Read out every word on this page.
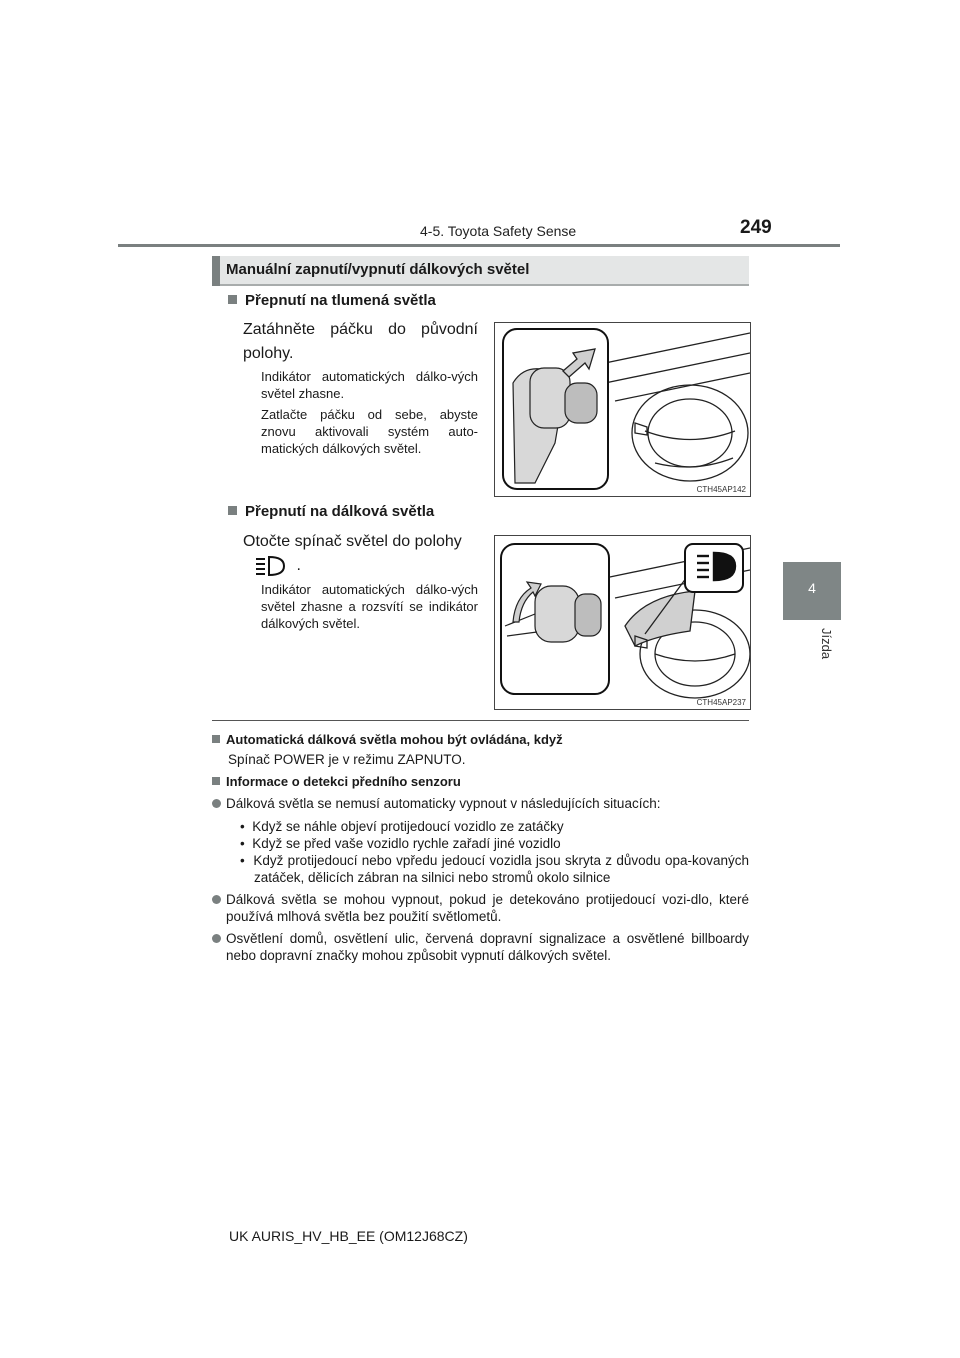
4-5. Toyota Safety Sense	249
4
Jízda
Manuální zapnutí/vypnutí dálkových světel
Přepnutí na tlumená světla
Zatáhněte páčku do původní polohy.
Indikátor automatických dálko-vých světel zhasne.
Zatlačte páčku od sebe, abyste znovu aktivovali systém auto-matických dálkových světel.
CTH45AP142
Přepnutí na dálková světla
Otočte spínač světel do polohy
.
Indikátor automatických dálko-vých světel zhasne a rozsvítí se indikátor dálkových světel.
CTH45AP237
Automatická dálková světla mohou být ovládána, když
Spínač POWER je v režimu ZAPNUTO.
Informace o detekci předního senzoru
Dálková světla se nemusí automaticky vypnout v následujících situacích:
•  Když se náhle objeví protijedoucí vozidlo ze zatáčky
•  Když se před vaše vozidlo rychle zařadí jiné vozidlo
•  Když protijedoucí nebo vpředu jedoucí vozidla jsou skryta z důvodu opa-kovaných zatáček, dělicích zábran na silnici nebo stromů okolo silnice
Dálková světla se mohou vypnout, pokud je detekováno protijedoucí vozi-dlo, které používá mlhová světla bez použití světlometů.
Osvětlení domů, osvětlení ulic, červená dopravní signalizace a osvětlené billboardy nebo dopravní značky mohou způsobit vypnutí dálkových světel.
UK AURIS_HV_HB_EE (OM12J68CZ)
